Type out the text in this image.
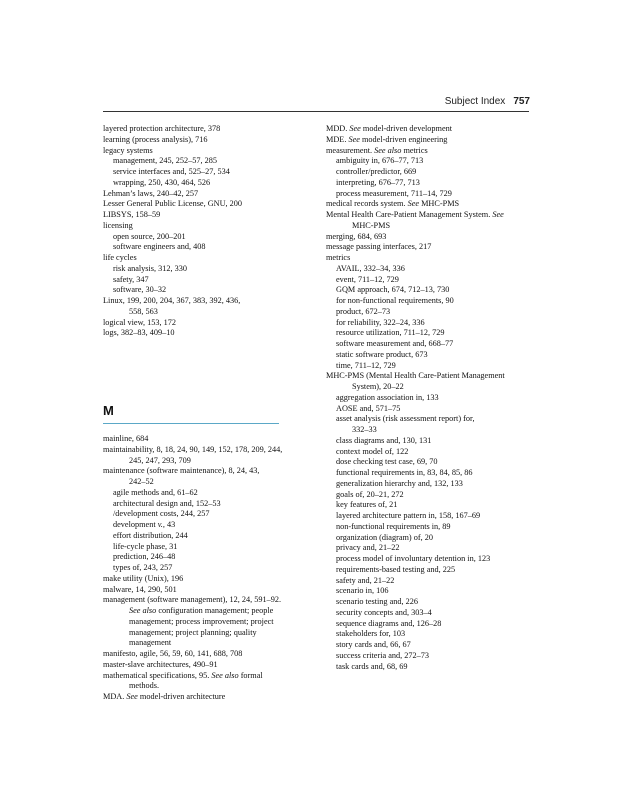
Subject Index 757
layered protection architecture, 378
learning (process analysis), 716
legacy systems
management, 245, 252–57, 285
service interfaces and, 525–27, 534
wrapping, 250, 430, 464, 526
Lehman’s laws, 240–42, 257
Lesser General Public License, GNU, 200
LIBSYS, 158–59
licensing
open source, 200–201
software engineers and, 408
life cycles
risk analysis, 312, 330
safety, 347
software, 30–32
Linux, 199, 200, 204, 367, 383, 392, 436,
558, 563
logical view, 153, 172
logs, 382–83, 409–10
M
mainline, 684
maintainability, 8, 18, 24, 90, 149, 152, 178, 209, 244,
245, 247, 293, 709
maintenance (software maintenance), 8, 24, 43,
242–52
agile methods and, 61–62
architectural design and, 152–53
/development costs, 244, 257
development v., 43
effort distribution, 244
life-cycle phase, 31
prediction, 246–48
types of, 243, 257
make utility (Unix), 196
malware, 14, 290, 501
management (software management), 12, 24, 591–92.
See also configuration management; people
management; process improvement; project
management; project planning; quality
management
manifesto, agile, 56, 59, 60, 141, 688, 708
master-slave architectures, 490–91
mathematical specifications, 95. See also formal
methods.
MDA. See model-driven architecture
MDD. See model-driven development
MDE. See model-driven engineering
measurement. See also metrics
ambiguity in, 676–77, 713
controller/predictor, 669
interpreting, 676–77, 713
process measurement, 711–14, 729
medical records system. See MHC-PMS
Mental Health Care-Patient Management System. See
MHC-PMS
merging, 684, 693
message passing interfaces, 217
metrics
AVAIL, 332–34, 336
event, 711–12, 729
GQM approach, 674, 712–13, 730
for non-functional requirements, 90
product, 672–73
for reliability, 322–24, 336
resource utilization, 711–12, 729
software measurement and, 668–77
static software product, 673
time, 711–12, 729
MHC-PMS (Mental Health Care-Patient Management
System), 20–22
aggregation association in, 133
AOSE and, 571–75
asset analysis (risk assessment report) for,
332–33
class diagrams and, 130, 131
context model of, 122
dose checking test case, 69, 70
functional requirements in, 83, 84, 85, 86
generalization hierarchy and, 132, 133
goals of, 20–21, 272
key features of, 21
layered architecture pattern in, 158, 167–69
non-functional requirements in, 89
organization (diagram) of, 20
privacy and, 21–22
process model of involuntary detention in, 123
requirements-based testing and, 225
safety and, 21–22
scenario in, 106
scenario testing and, 226
security concepts and, 303–4
sequence diagrams and, 126–28
stakeholders for, 103
story cards and, 66, 67
success criteria and, 272–73
task cards and, 68, 69
